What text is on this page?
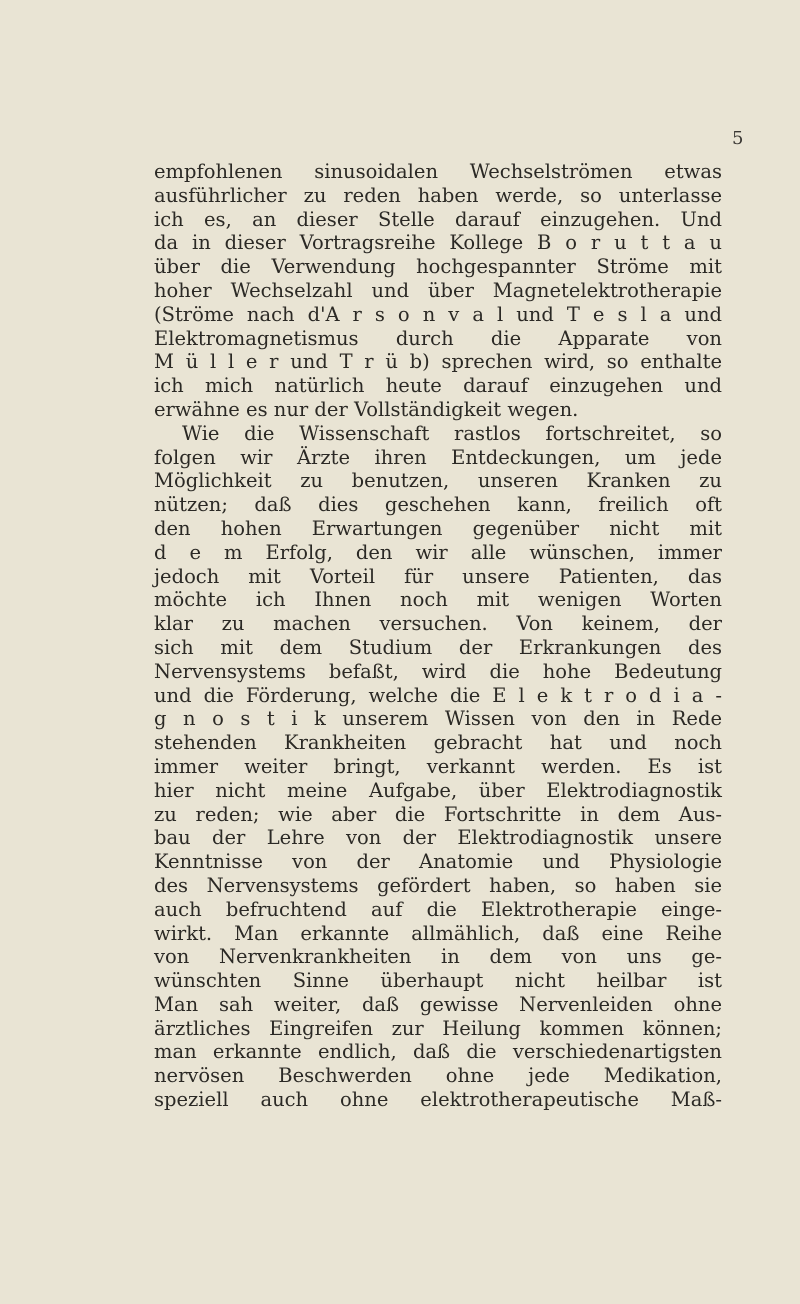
5
empfohlenen sinusoidalen Wechselströmen etwas
ausführlicher zu reden haben werde, so unterlasse
ich es, an dieser Stelle darauf einzugehen. Und
da in dieser Vortragsreihe Kollege B o r u t t a u
über die Verwendung hochgespannter Ströme mit
hoher Wechselzahl und über Magnetelektrotherapie
(Ströme nach d'A r s o n v a l und T e s l a und
Elektromagnetismus durch die Apparate von
M ü l l e r und T r ü b) sprechen wird, so enthalte
ich mich natürlich heute darauf einzugehen und
erwähne es nur der Vollständigkeit wegen.
Wie die Wissenschaft rastlos fortschreitet, so
folgen wir Ärzte ihren Entdeckungen, um jede
Möglichkeit zu benutzen, unseren Kranken zu
nützen; daß dies geschehen kann, freilich oft
den hohen Erwartungen gegenüber nicht mit
d e m Erfolg, den wir alle wünschen, immer
jedoch mit Vorteil für unsere Patienten, das
möchte ich Ihnen noch mit wenigen Worten
klar zu machen versuchen. Von keinem, der
sich mit dem Studium der Erkrankungen des
Nervensystems befaßt, wird die hohe Bedeutung
und die Förderung, welche die E l e k t r o d i a -
g n o s t i k unserem Wissen von den in Rede
stehenden Krankheiten gebracht hat und noch
immer weiter bringt, verkannt werden. Es ist
hier nicht meine Aufgabe, über Elektrodiagnostik
zu reden; wie aber die Fortschritte in dem Aus-
bau der Lehre von der Elektrodiagnostik unsere
Kenntnisse von der Anatomie und Physiologie
des Nervensystems gefördert haben, so haben sie
auch befruchtend auf die Elektrotherapie einge-
wirkt. Man erkannte allmählich, daß eine Reihe
von Nervenkrankheiten in dem von uns ge-
wünschten Sinne überhaupt nicht heilbar ist
Man sah weiter, daß gewisse Nervenleiden ohne
ärztliches Eingreifen zur Heilung kommen können;
man erkannte endlich, daß die verschiedenartigsten
nervösen Beschwerden ohne jede Medikation,
speziell auch ohne elektrotherapeutische Maß-
